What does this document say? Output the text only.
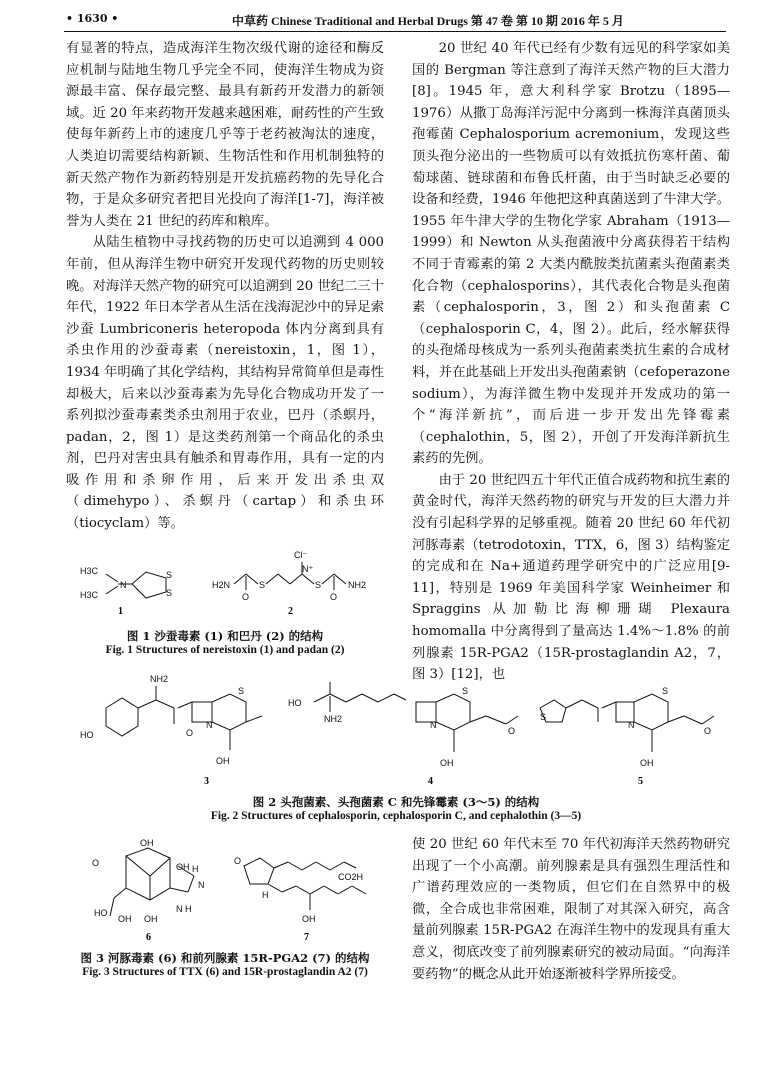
• 1630 •	中草药 Chinese Traditional and Herbal Drugs 第 47 卷 第 10 期 2016 年 5 月

有显著的特点，造成海洋生物次级代谢的途径和酶反应机制与陆地生物几乎完全不同，使海洋生物成为资源最丰富、保存最完整、最具有新药开发潜力的新领域。近 20 年来药物开发越来越困难，耐药性的产生致使每年新药上市的速度几乎等于老药被淘汰的速度，人类迫切需要结构新颖、生物活性和作用机制独特的新天然产物作为新药特别是开发抗癌药物的先导化合物，于是众多研究者把目光投向了海洋[1-7]，海洋被誉为人类在 21 世纪的药库和粮库。

从陆生植物中寻找药物的历史可以追溯到 4 000 年前，但从海洋生物中研究开发现代药物的历史则较晚。对海洋天然产物的研究可以追溯到 20 世纪二三十年代，1922 年日本学者从生活在浅海泥沙中的异足索沙蚕 Lumbriconeris heteropoda 体内分离到具有杀虫作用的沙蚕毒素（nereistoxin，1，图 1），1934 年明确了其化学结构，其结构异常简单但是毒性却极大，后来以沙蚕毒素为先导化合物成功开发了一系列拟沙蚕毒素类杀虫剂用于农业，巴丹（杀螟丹，padan，2，图 1）是这类药剂第一个商品化的杀虫剂，巴丹对害虫具有触杀和胃毒作用，具有一定的内吸作用和杀卵作用，后来开发出杀虫双（dimehypo）、杀螟丹（cartap）和杀虫环（tiocyclam）等。

H3C
H3C
N
S
S
Cl⁻
N⁺
H2N	NH2
O	O
S	S
1	2
图 1 沙蚕毒素 (1) 和巴丹 (2) 的结构
Fig. 1 Structures of nereistoxin (1) and padan (2)

20 世纪 40 年代已经有少数有远见的科学家如美国的 Bergman 等注意到了海洋天然产物的巨大潜力[8]。1945 年，意大利科学家 Brotzu（1895—1976）从撒丁岛海洋污泥中分离到一株海洋真菌顶头孢霉菌 Cephalosporium acremonium，发现这些顶头孢分泌出的一些物质可以有效抵抗伤寒杆菌、葡萄球菌、链球菌和布鲁氏杆菌，由于当时缺乏必要的设备和经费，1946 年他把这种真菌送到了牛津大学。1955 年牛津大学的生物化学家 Abraham（1913—1999）和 Newton 从头孢菌液中分离获得若干结构不同于青霉素的第 2 大类内酰胺类抗菌素头孢菌素类化合物（cephalosporins），其代表化合物是头孢菌素（cephalosporin，3，图 2）和头孢菌素 C（cephalosporin C，4，图 2）。此后，经水解获得的头孢烯母核成为一系列头孢菌素类抗生素的合成材料，并在此基础上开发出头孢菌素钠（cefoperazone sodium），为海洋微生物中发现并开发成功的第一个“海洋新抗”，而后进一步开发出先锋霉素（cephalothin，5，图 2），开创了开发海洋新抗生素药的先例。

由于 20 世纪四五十年代正值合成药物和抗生素的黄金时代，海洋天然药物的研究与开发的巨大潜力并没有引起科学界的足够重视。随着 20 世纪 60 年代初河豚毒素（tetrodotoxin，TTX，6，图 3）结构鉴定的完成和在 Na+通道药理学研究中的广泛应用[9-11]，特别是 1969 年美国科学家 Weinheimer 和 Spraggins 从加勒比海柳珊瑚 Plexaura homomalla 中分离得到了量高达 1.4%～1.8% 的前列腺素 15R-PGA2（15R-prostaglandin A2，7，图 3）[12]，也

NH2
HO	O
N
S
OH
HO
NH2
N
S
OH
O
S
N
S
OH
O
3	4	5
图 2 头孢菌素、头孢菌素 C 和先锋霉素 (3～5) 的结构
Fig. 2 Structures of cephalosporin, cephalosporin C, and cephalothin (3—5)
OH
O	OH H
N
N H
HO
OH OH
O
H
CO2H
OH
6	7
图 3 河豚毒素 (6) 和前列腺素 15R-PGA2 (7) 的结构
Fig. 3 Structures of TTX (6) and 15R-prostaglandin A2 (7)

使 20 世纪 60 年代末至 70 年代初海洋天然药物研究出现了一个小高潮。前列腺素是具有强烈生理活性和广谱药理效应的一类物质，但它们在自然界中的极微，全合成也非常困难，限制了对其深入研究，高含量前列腺素 15R-PGA2 在海洋生物中的发现具有重大意义，彻底改变了前列腺素研究的被动局面。“向海洋要药物”的概念从此开始逐渐被科学界所接受。
